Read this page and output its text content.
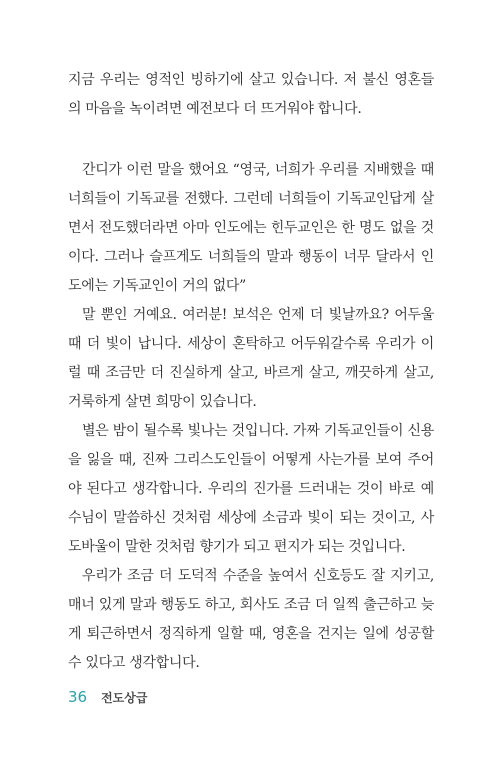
지금 우리는 영적인 빙하기에 살고 있습니다. 저 불신 영혼들의 마음을 녹이려면 예전보다 더 뜨거워야 합니다.

간디가 이런 말을 했어요 “영국, 너희가 우리를 지배했을 때 너희들이 기독교를 전했다. 그런데 너희들이 기독교인답게 살면서 전도했더라면 아마 인도에는 힌두교인은 한 명도 없을 것이다. 그러나 슬프게도 너희들의 말과 행동이 너무 달라서 인도에는 기독교인이 거의 없다”

말 뿐인 거예요. 여러분! 보석은 언제 더 빛날까요? 어두울 때 더 빛이 납니다. 세상이 혼탁하고 어두워갈수록 우리가 이럴 때 조금만 더 진실하게 살고, 바르게 살고, 깨끗하게 살고, 거룩하게 살면 희망이 있습니다.

별은 밤이 될수록 빛나는 것입니다. 가짜 기독교인들이 신용을 잃을 때, 진짜 그리스도인들이 어떻게 사는가를 보여 주어야 된다고 생각합니다. 우리의 진가를 드러내는 것이 바로 예수님이 말씀하신 것처럼 세상에 소금과 빛이 되는 것이고, 사도바울이 말한 것처럼 향기가 되고 편지가 되는 것입니다.

우리가 조금 더 도덕적 수준을 높여서 신호등도 잘 지키고, 매너 있게 말과 행동도 하고, 회사도 조금 더 일찍 출근하고 늦게 퇴근하면서 정직하게 일할 때, 영혼을 건지는 일에 성공할 수 있다고 생각합니다.

36 전도상급
